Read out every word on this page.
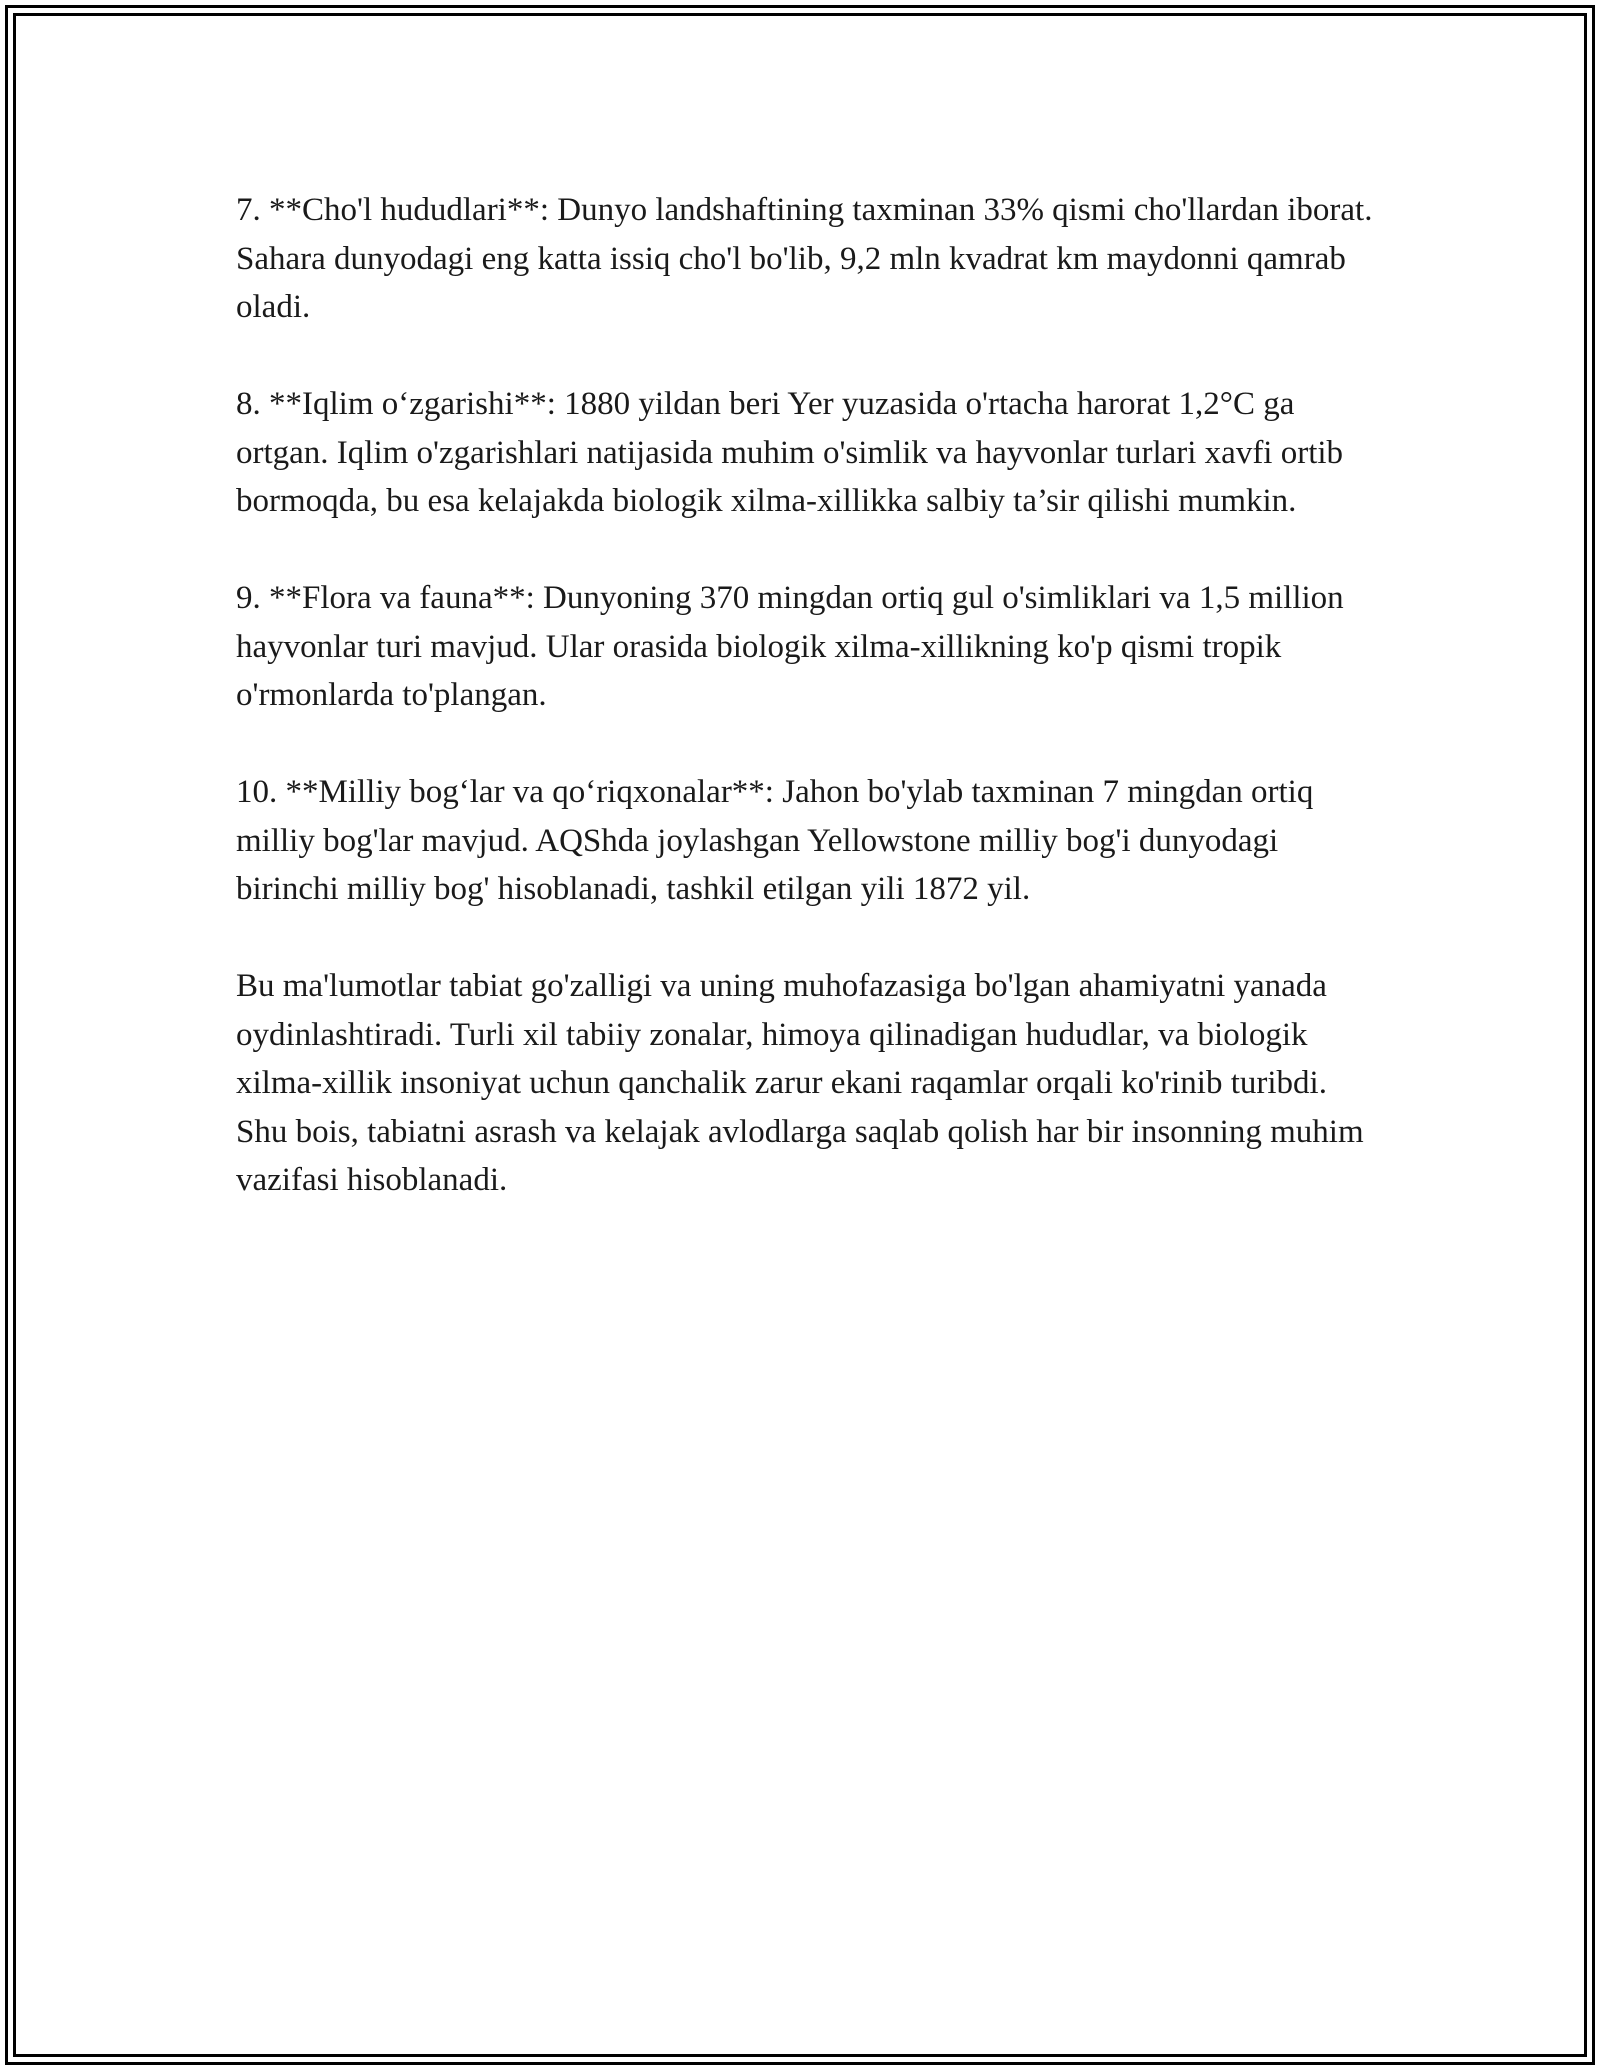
7. **Cho'l hududlari**: Dunyo landshaftining taxminan 33% qismi cho'llardan iborat. Sahara dunyodagi eng katta issiq cho'l bo'lib, 9,2 mln kvadrat km maydonni qamrab oladi.

8. **Iqlim o‘zgarishi**: 1880 yildan beri Yer yuzasida o'rtacha harorat 1,2°C ga ortgan. Iqlim o'zgarishlari natijasida muhim o'simlik va hayvonlar turlari xavfi ortib bormoqda, bu esa kelajakda biologik xilma-xillikka salbiy ta’sir qilishi mumkin.

9. **Flora va fauna**: Dunyoning 370 mingdan ortiq gul o'simliklari va 1,5 million hayvonlar turi mavjud. Ular orasida biologik xilma-xillikning ko'p qismi tropik o'rmonlarda to'plangan.

10. **Milliy bog‘lar va qo‘riqxonalar**: Jahon bo'ylab taxminan 7 mingdan ortiq milliy bog'lar mavjud. AQShda joylashgan Yellowstone milliy bog'i dunyodagi birinchi milliy bog' hisoblanadi, tashkil etilgan yili 1872 yil.

Bu ma'lumotlar tabiat go'zalligi va uning muhofazasiga bo'lgan ahamiyatni yanada oydinlashtiradi. Turli xil tabiiy zonalar, himoya qilinadigan hududlar, va biologik xilma-xillik insoniyat uchun qanchalik zarur ekani raqamlar orqali ko'rinib turibdi. Shu bois, tabiatni asrash va kelajak avlodlarga saqlab qolish har bir insonning muhim vazifasi hisoblanadi.
